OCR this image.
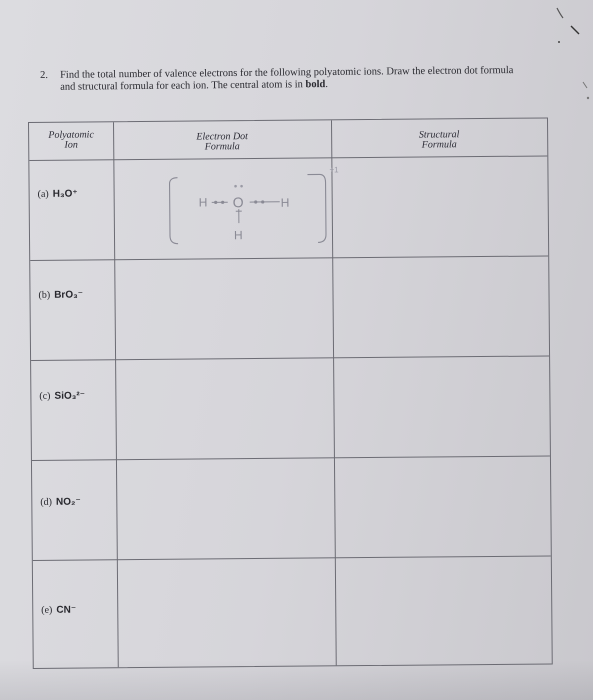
2. Find the total number of valence electrons for the following polyatomic ions. Draw the electron dot formula and structural formula for each ion. The central atom is in bold.
Polyatomic
Ion
Electron Dot
Formula
Structural
Formula
(a) H₃O⁺
(b) BrO₃⁻
(c) SiO₃²⁻
(d) NO₂⁻
(e) CN⁻
H O	H
H
+1
